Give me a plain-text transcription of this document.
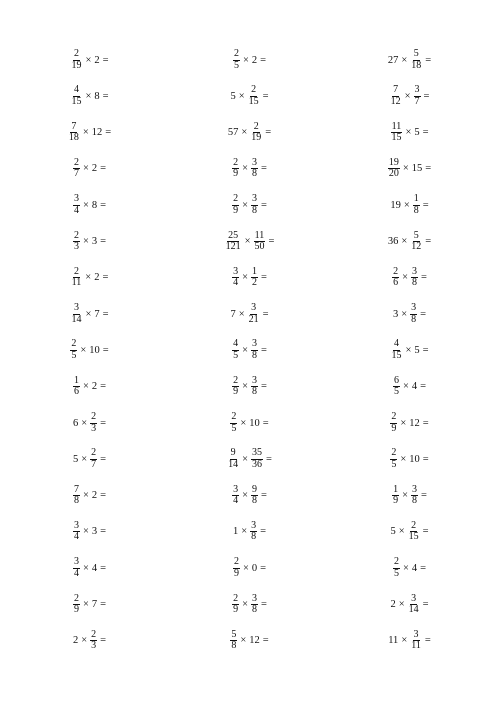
$\frac{2}{19} \times 2$ =	$\frac{2}{5} \times 2$ =	$27 \times \frac{5}{18}$ =
$\frac{4}{15} \times 8$ =	$5 \times \frac{2}{15}$ =	$\frac{7}{12} \times \frac{3}{7}$ =
$\frac{7}{18} \times 12$ =	$57 \times \frac{2}{19}$ =	$\frac{11}{15} \times 5$ =
$\frac{2}{7} \times 2$ =	$\frac{2}{9} \times \frac{3}{8}$ =	$\frac{19}{20} \times 15$ =
$\frac{3}{4} \times 8$ =	$\frac{2}{9} \times \frac{3}{8}$ =	$19 \times \frac{1}{8}$ =
$\frac{2}{3} \times 3$ =	$\frac{25}{121} \times \frac{11}{50}$ =	$36 \times \frac{5}{12}$ =
$\frac{2}{11} \times 2$ =	$\frac{3}{4} \times \frac{1}{2}$ =	$\frac{2}{6} \times \frac{3}{8}$ =
$\frac{3}{14} \times 7$ =	$7 \times \frac{3}{21}$ =	$3 \times \frac{3}{8}$ =
$\frac{2}{5} \times 10$ =	$\frac{4}{5} \times \frac{3}{8}$ =	$\frac{4}{15} \times 5$ =
$\frac{1}{6} \times 2$ =	$\frac{2}{9} \times \frac{3}{8}$ =	$\frac{6}{5} \times 4$ =
$6 \times \frac{2}{3}$ =	$\frac{2}{5} \times 10$ =	$\frac{2}{9} \times 12$ =
$5 \times \frac{2}{7}$ =	$\frac{9}{14} \times \frac{35}{36}$ =	$\frac{2}{5} \times 10$ =
$\frac{7}{8} \times 2$ =	$\frac{3}{4} \times \frac{9}{8}$ =	$\frac{1}{9} \times \frac{3}{8}$ =
$\frac{3}{4} \times 3$ =	$1 \times \frac{3}{8}$ =	$5 \times \frac{2}{15}$ =
$\frac{3}{4} \times 4$ =	$\frac{2}{9} \times 0$ =	$\frac{2}{5} \times 4$ =
$\frac{2}{9} \times 7$ =	$\frac{2}{9} \times \frac{3}{8}$ =	$2 \times \frac{3}{14}$ =
$2 \times \frac{2}{3}$ =	$\frac{5}{8} \times 12$ =	$11 \times \frac{3}{11}$ =
